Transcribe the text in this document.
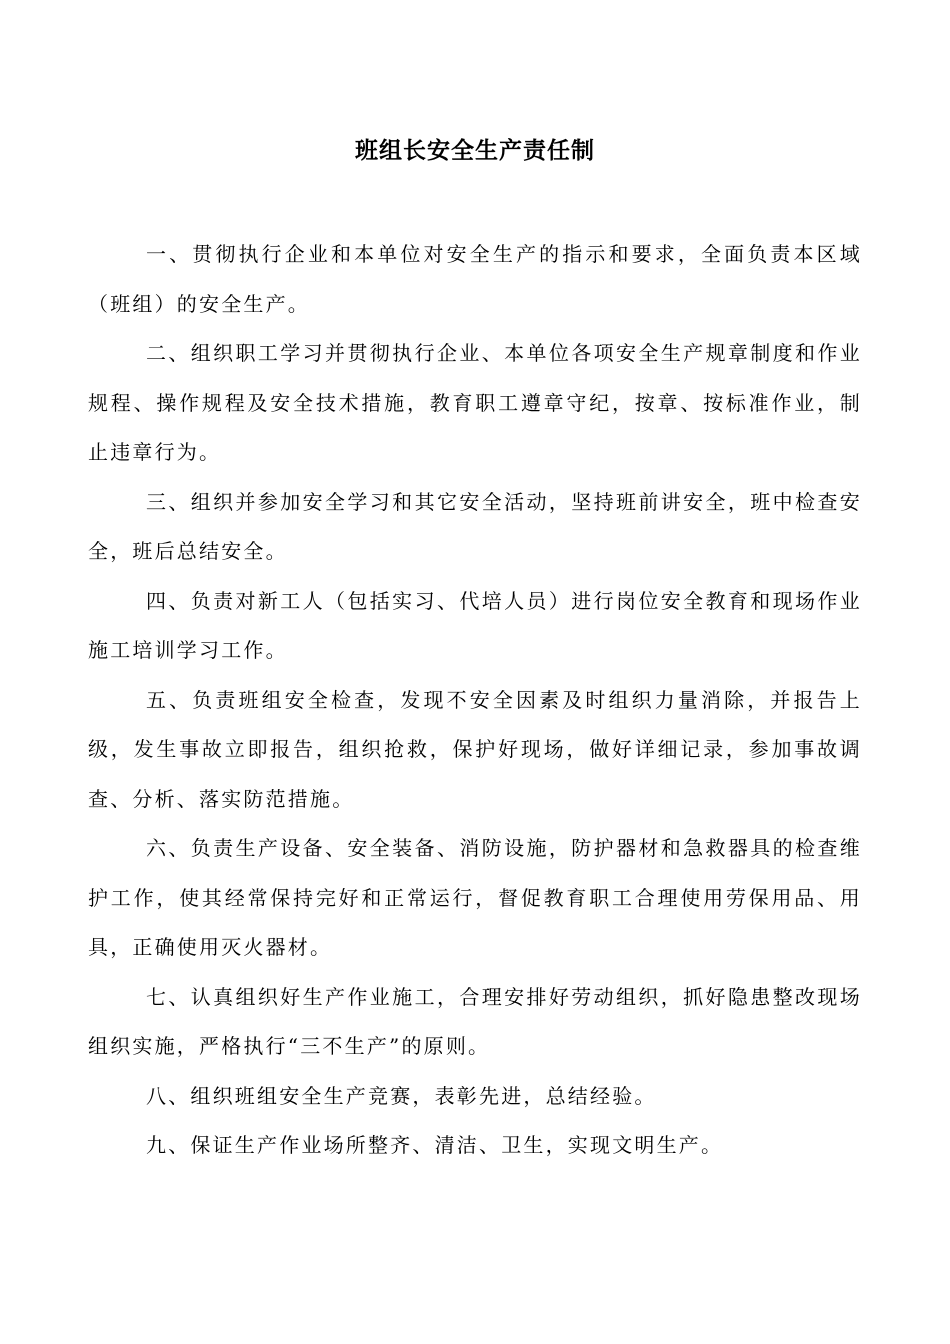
班组长安全生产责任制

一、贯彻执行企业和本单位对安全生产的指示和要求，全面负责本区域（班组）的安全生产。

二、组织职工学习并贯彻执行企业、本单位各项安全生产规章制度和作业规程、操作规程及安全技术措施，教育职工遵章守纪，按章、按标准作业，制止违章行为。

三、组织并参加安全学习和其它安全活动，坚持班前讲安全，班中检查安全，班后总结安全。

四、负责对新工人（包括实习、代培人员）进行岗位安全教育和现场作业施工培训学习工作。

五、负责班组安全检查，发现不安全因素及时组织力量消除，并报告上级，发生事故立即报告，组织抢救，保护好现场，做好详细记录，参加事故调查、分析、落实防范措施。

六、负责生产设备、安全装备、消防设施，防护器材和急救器具的检查维护工作，使其经常保持完好和正常运行，督促教育职工合理使用劳保用品、用具，正确使用灭火器材。

七、认真组织好生产作业施工，合理安排好劳动组织，抓好隐患整改现场组织实施，严格执行“三不生产”的原则。

八、组织班组安全生产竞赛，表彰先进，总结经验。

九、保证生产作业场所整齐、清洁、卫生，实现文明生产。
